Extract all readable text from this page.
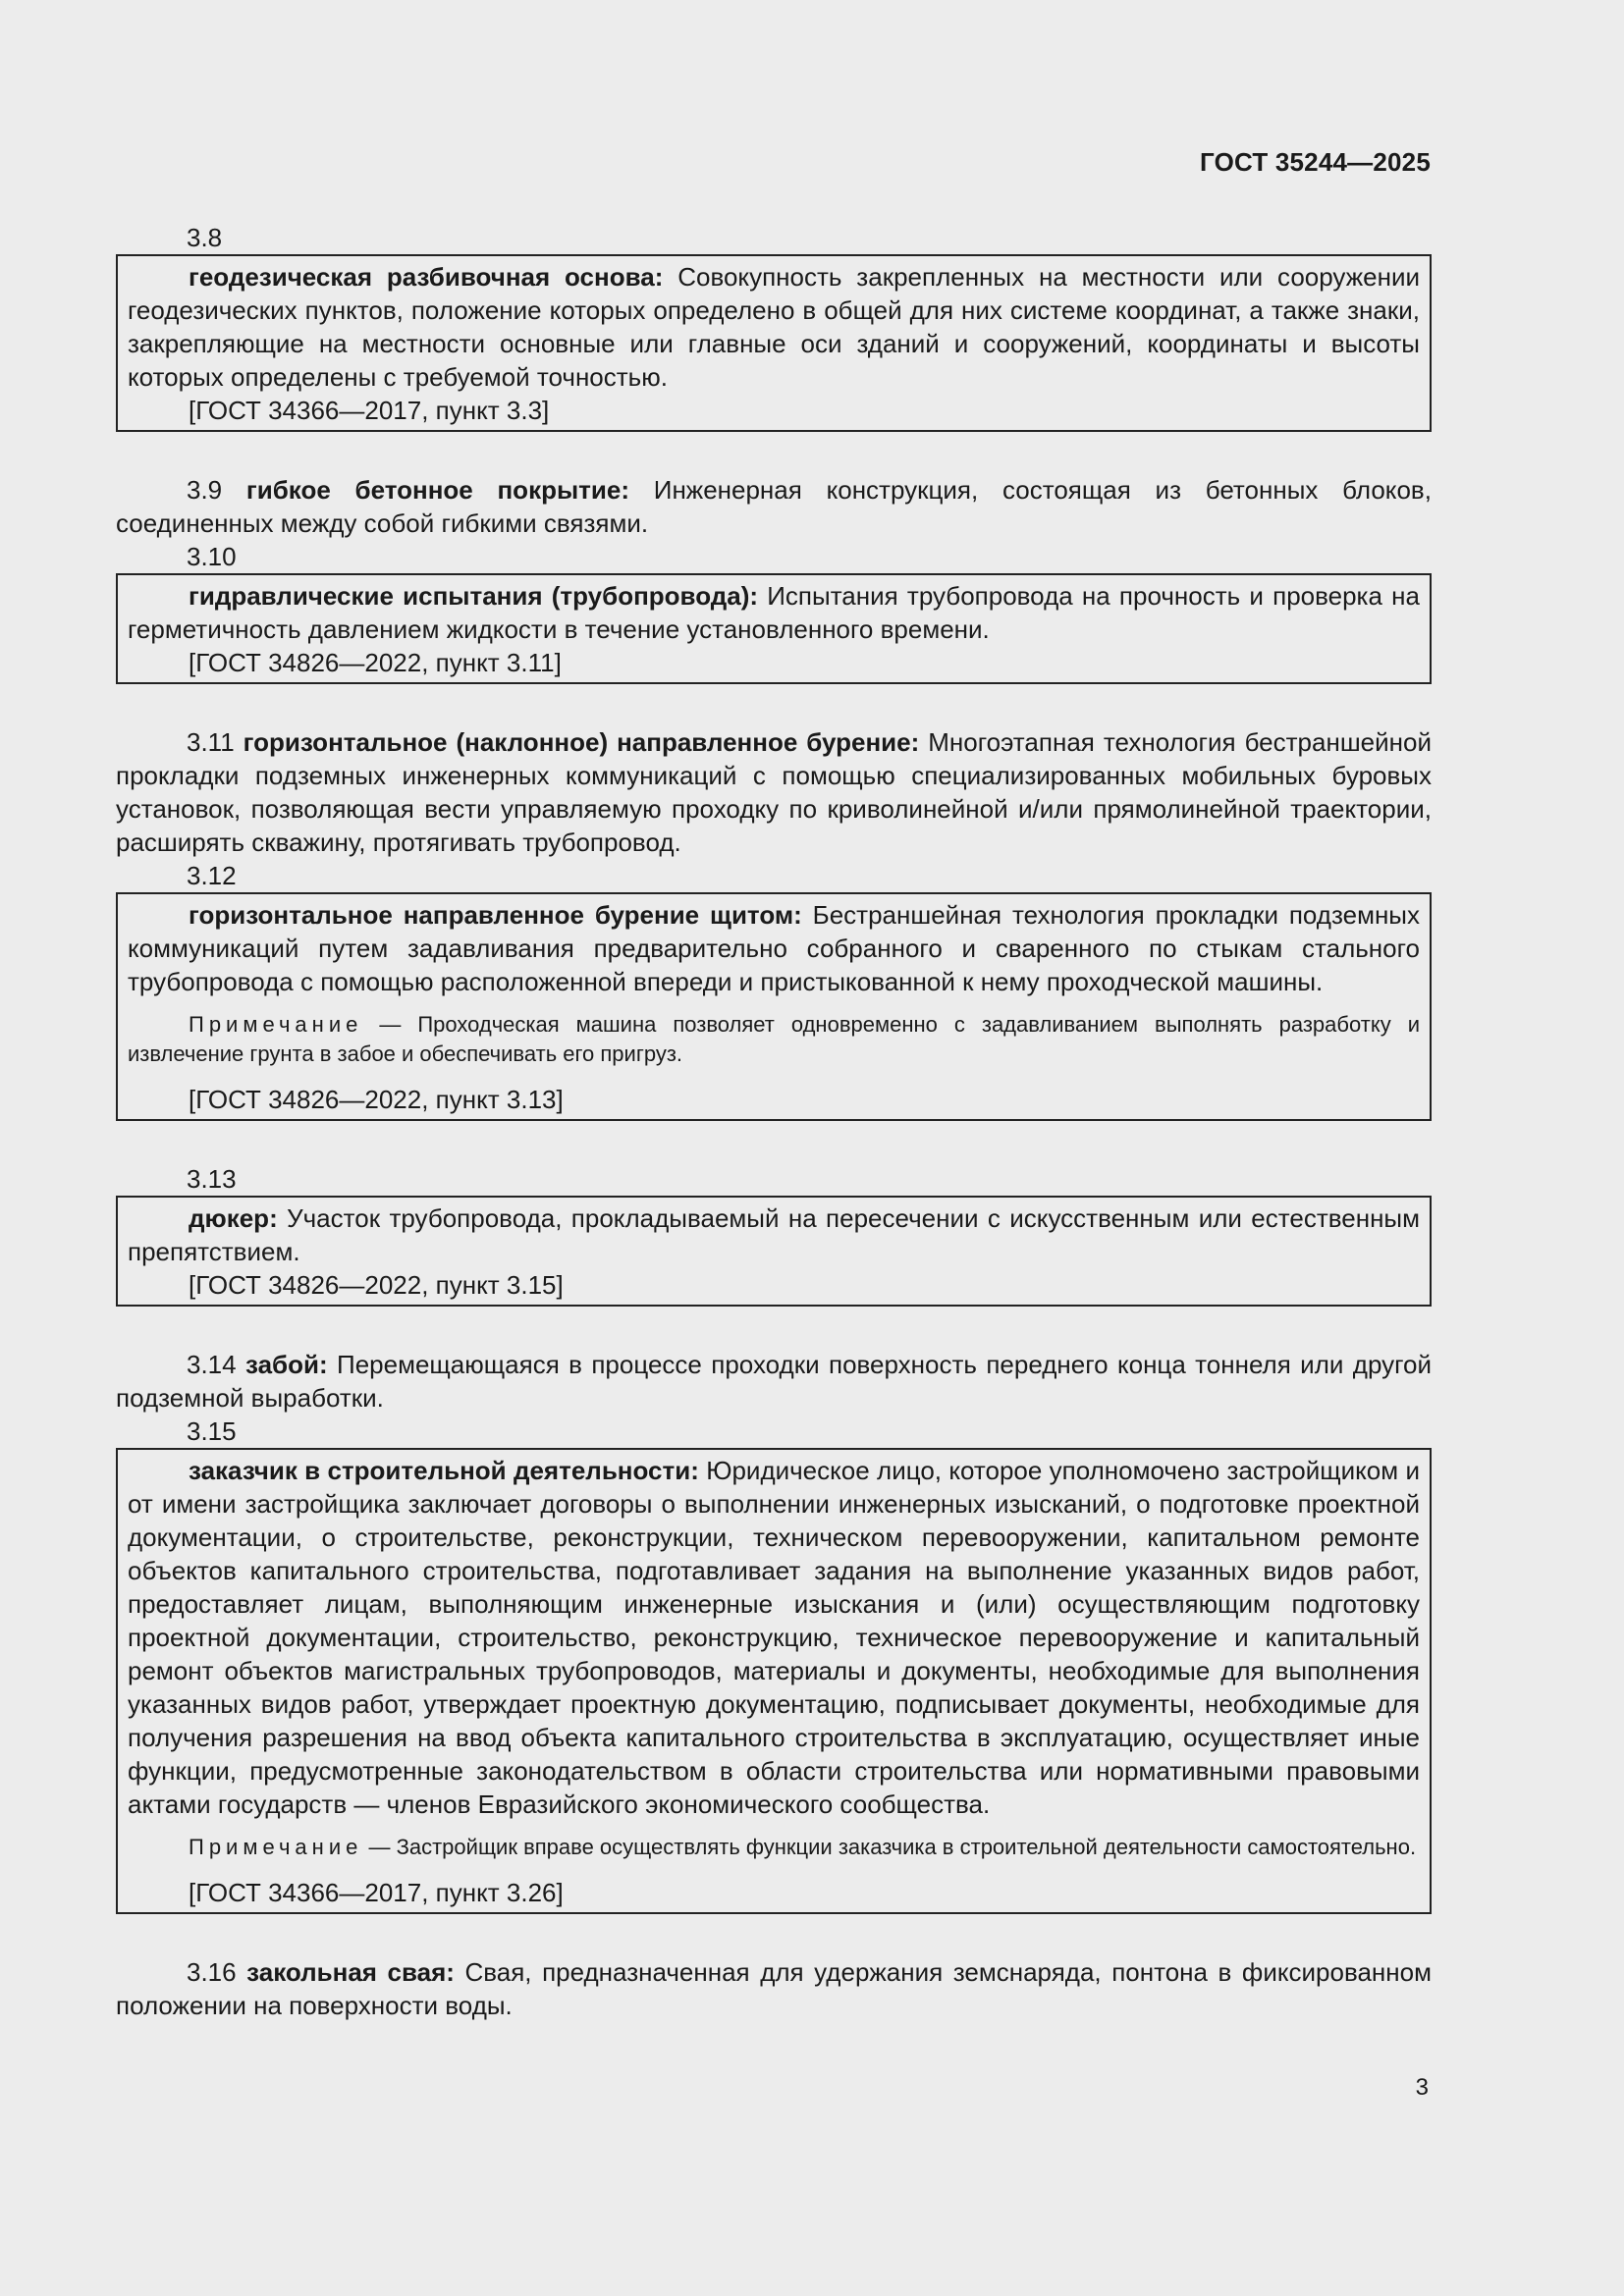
ГОСТ 35244—2025
3.8

геодезическая разбивочная основа: Совокупность закрепленных на местности или сооружении геодезических пунктов, положение которых определено в общей для них системе координат, а также знаки, закрепляющие на местности основные или главные оси зданий и сооружений, координаты и высоты которых определены с требуемой точностью.

[ГОСТ 34366—2017, пункт 3.3]

3.9 гибкое бетонное покрытие: Инженерная конструкция, состоящая из бетонных блоков, соединенных между собой гибкими связями.

3.10

гидравлические испытания (трубопровода): Испытания трубопровода на прочность и проверка на герметичность давлением жидкости в течение установленного времени.

[ГОСТ 34826—2022, пункт 3.11]

3.11 горизонтальное (наклонное) направленное бурение: Многоэтапная технология бестраншейной прокладки подземных инженерных коммуникаций с помощью специализированных мобильных буровых установок, позволяющая вести управляемую проходку по криволинейной и/или прямолинейной траектории, расширять скважину, протягивать трубопровод.

3.12

горизонтальное направленное бурение щитом: Бестраншейная технология прокладки подземных коммуникаций путем задавливания предварительно собранного и сваренного по стыкам стального трубопровода с помощью расположенной впереди и пристыкованной к нему проходческой машины.

Примечание — Проходческая машина позволяет одновременно с задавливанием выполнять разработку и извлечение грунта в забое и обеспечивать его пригруз.

[ГОСТ 34826—2022, пункт 3.13]
3.13

дюкер: Участок трубопровода, прокладываемый на пересечении с искусственным или естественным препятствием.

[ГОСТ 34826—2022, пункт 3.15]

3.14 забой: Перемещающаяся в процессе проходки поверхность переднего конца тоннеля или другой подземной выработки.

3.15

заказчик в строительной деятельности: Юридическое лицо, которое уполномочено застройщиком и от имени застройщика заключает договоры о выполнении инженерных изысканий, о подготовке проектной документации, о строительстве, реконструкции, техническом перевооружении, капитальном ремонте объектов капитального строительства, подготавливает задания на выполнение указанных видов работ, предоставляет лицам, выполняющим инженерные изыскания и (или) осуществляющим подготовку проектной документации, строительство, реконструкцию, техническое перевооружение и капитальный ремонт объектов магистральных трубопроводов, материалы и документы, необходимые для выполнения указанных видов работ, утверждает проектную документацию, подписывает документы, необходимые для получения разрешения на ввод объекта капитального строительства в эксплуатацию, осуществляет иные функции, предусмотренные законодательством в области строительства или нормативными правовыми актами государств — членов Евразийского экономического сообщества.

Примечание — Застройщик вправе осуществлять функции заказчика в строительной деятельности самостоятельно.

[ГОСТ 34366—2017, пункт 3.26]

3.16 закольная свая: Свая, предназначенная для удержания земснаряда, понтона в фиксированном положении на поверхности воды.

3
